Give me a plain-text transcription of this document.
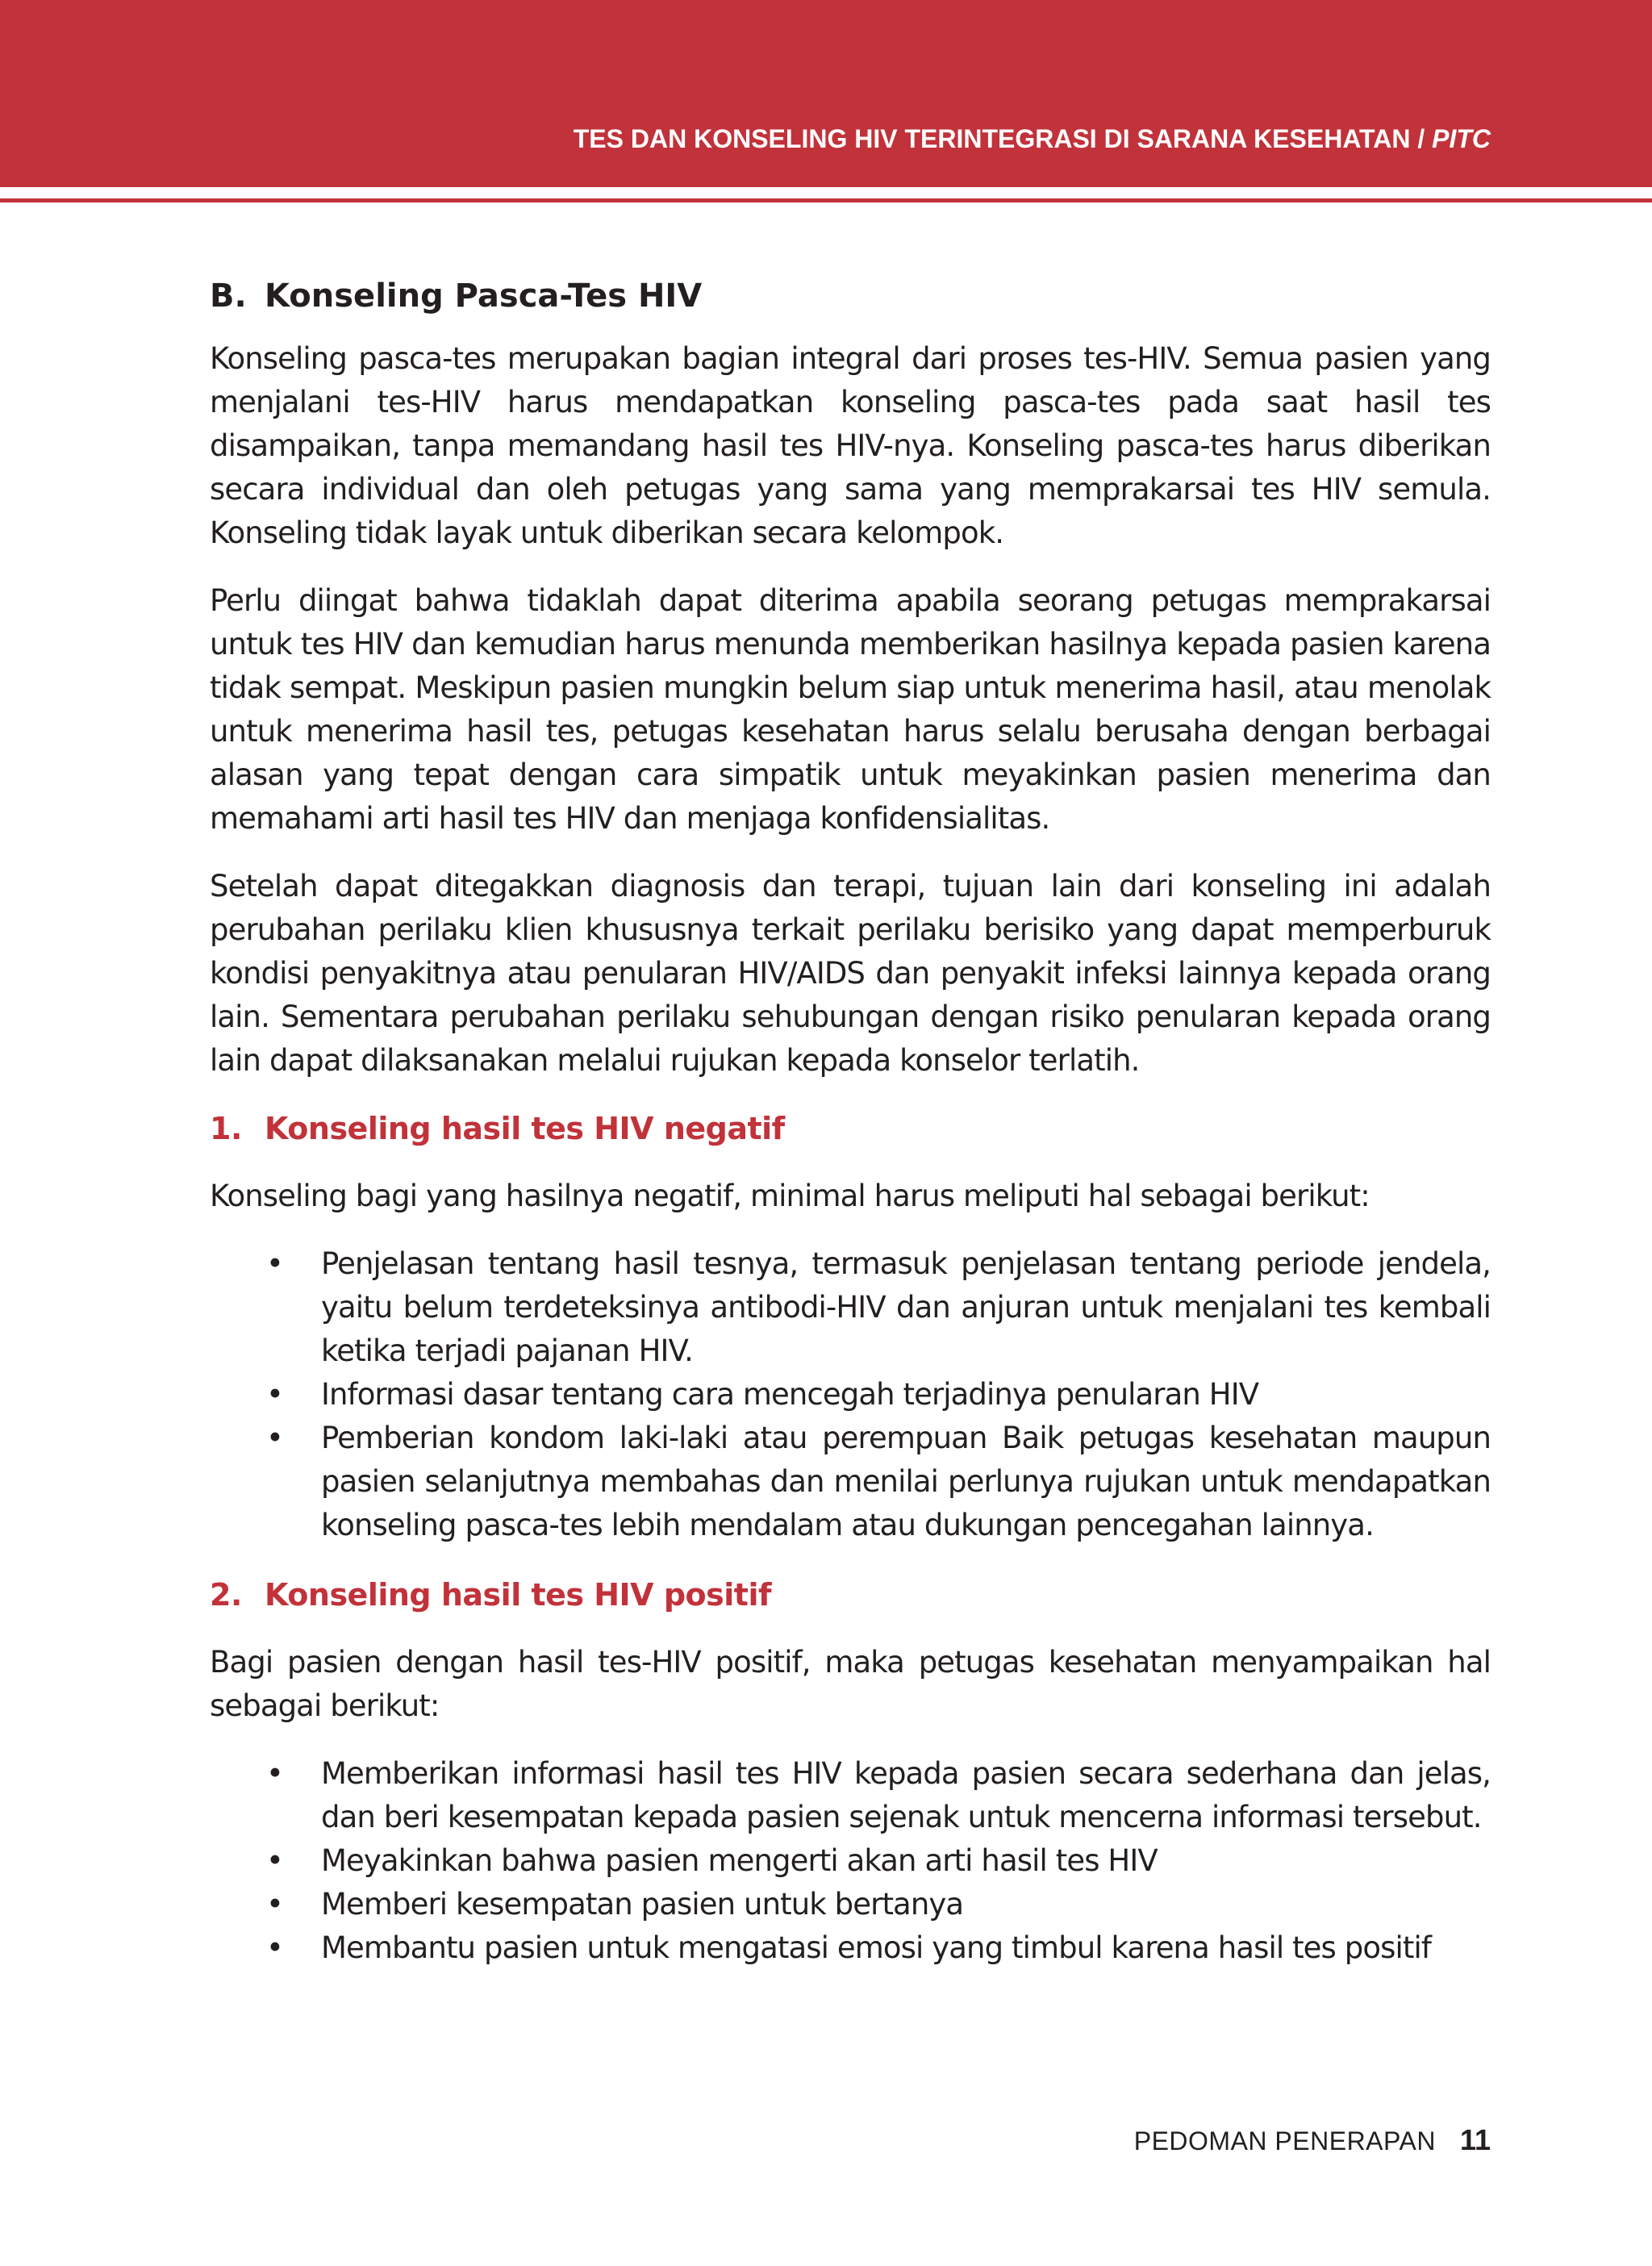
TES DAN KONSELING HIV TERINTEGRASI DI SARANA KESEHATAN / PITC
B. Konseling Pasca-Tes HIV

Konseling pasca-tes merupakan bagian integral dari proses tes-HIV. Semua pasien yang menjalani tes-HIV harus mendapatkan konseling pasca-tes pada saat hasil tes disampaikan, tanpa memandang hasil tes HIV-nya. Konseling pasca-tes harus diberikan secara individual dan oleh petugas yang sama yang memprakarsai tes HIV semula. Konseling tidak layak untuk diberikan secara kelompok.

Perlu diingat bahwa tidaklah dapat diterima apabila seorang petugas memprakarsai untuk tes HIV dan kemudian harus menunda memberikan hasilnya kepada pasien karena tidak sempat. Meskipun pasien mungkin belum siap untuk menerima hasil, atau menolak untuk menerima hasil tes, petugas kesehatan harus selalu berusaha dengan berbagai alasan yang tepat dengan cara simpatik untuk meyakinkan pasien menerima dan memahami arti hasil tes HIV dan menjaga konfidensialitas.

Setelah dapat ditegakkan diagnosis dan terapi, tujuan lain dari konseling ini adalah perubahan perilaku klien khususnya terkait perilaku berisiko yang dapat memperburuk kondisi penyakitnya atau penularan HIV/AIDS dan penyakit infeksi lainnya kepada orang lain. Sementara perubahan perilaku sehubungan dengan risiko penularan kepada orang lain dapat dilaksanakan melalui rujukan kepada konselor terlatih.

1. Konseling hasil tes HIV negatif

Konseling bagi yang hasilnya negatif, minimal harus meliputi hal sebagai berikut:

• Penjelasan tentang hasil tesnya, termasuk penjelasan tentang periode jendela, yaitu belum terdeteksinya antibodi-HIV dan anjuran untuk menjalani tes kembali ketika terjadi pajanan HIV.
• Informasi dasar tentang cara mencegah terjadinya penularan HIV
• Pemberian kondom laki-laki atau perempuan Baik petugas kesehatan maupun pasien selanjutnya membahas dan menilai perlunya rujukan untuk mendapatkan konseling pasca-tes lebih mendalam atau dukungan pencegahan lainnya.
2. Konseling hasil tes HIV positif

Bagi pasien dengan hasil tes-HIV positif, maka petugas kesehatan menyampaikan hal sebagai berikut:

• Memberikan informasi hasil tes HIV kepada pasien secara sederhana dan jelas, dan beri kesempatan kepada pasien sejenak untuk mencerna informasi tersebut.
• Meyakinkan bahwa pasien mengerti akan arti hasil tes HIV
• Memberi kesempatan pasien untuk bertanya
• Membantu pasien untuk mengatasi emosi yang timbul karena hasil tes positif
PEDOMAN PENERAPAN 11
